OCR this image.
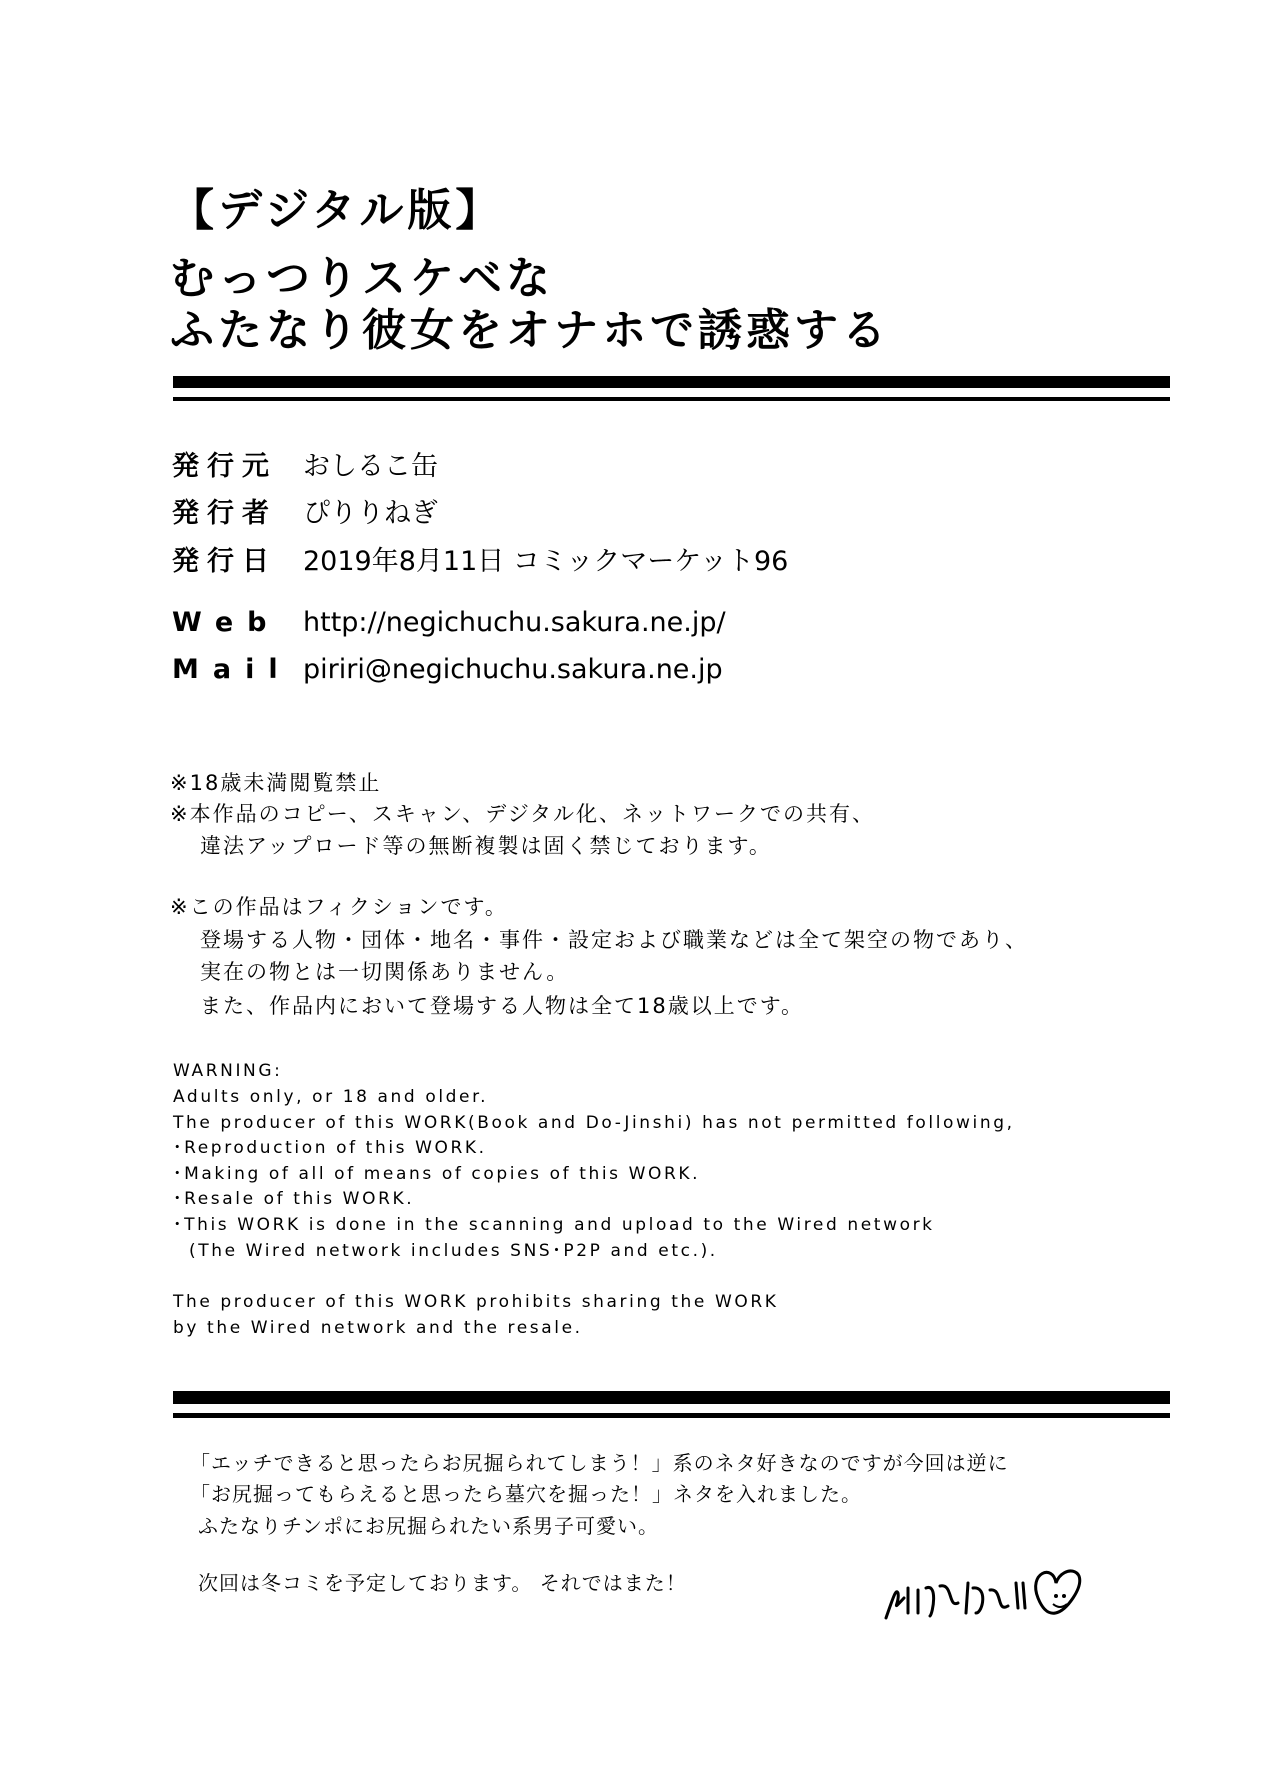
【デジタル版】
むっつりスケベな
ふたなり彼女をオナホで誘惑する
発行元 おしるこ缶
発行者 ぴりりねぎ
発行日 2019年8月11日 コミックマーケット96
Web http://negichuchu.sakura.ne.jp/
Mail piriri@negichuchu.sakura.ne.jp
※18歳未満閲覧禁止
※本作品のコピー、スキャン、デジタル化、ネットワークでの共有、
違法アップロード等の無断複製は固く禁じております。
※この作品はフィクションです。
登場する人物・団体・地名・事件・設定および職業などは全て架空の物であり、
実在の物とは一切関係ありません。
また、作品内において登場する人物は全て18歳以上です。
WARNING:
Adults only, or 18 and older.
The producer of this WORK(Book and Do-Jinshi) has not permitted following,
･Reproduction of this WORK.
･Making of all of means of copies of this WORK.
･Resale of this WORK.
･This WORK is done in the scanning and upload to the Wired network
(The Wired network includes SNS･P2P and etc.).
The producer of this WORK prohibits sharing the WORK
by the Wired network and the resale.
「エッチできると思ったらお尻掘られてしまう！」系のネタ好きなのですが今回は逆に
「お尻掘ってもらえると思ったら墓穴を掘った！」ネタを入れました。
ふたなりチンポにお尻掘られたい系男子可愛い。
次回は冬コミを予定しております。 それではまた！
